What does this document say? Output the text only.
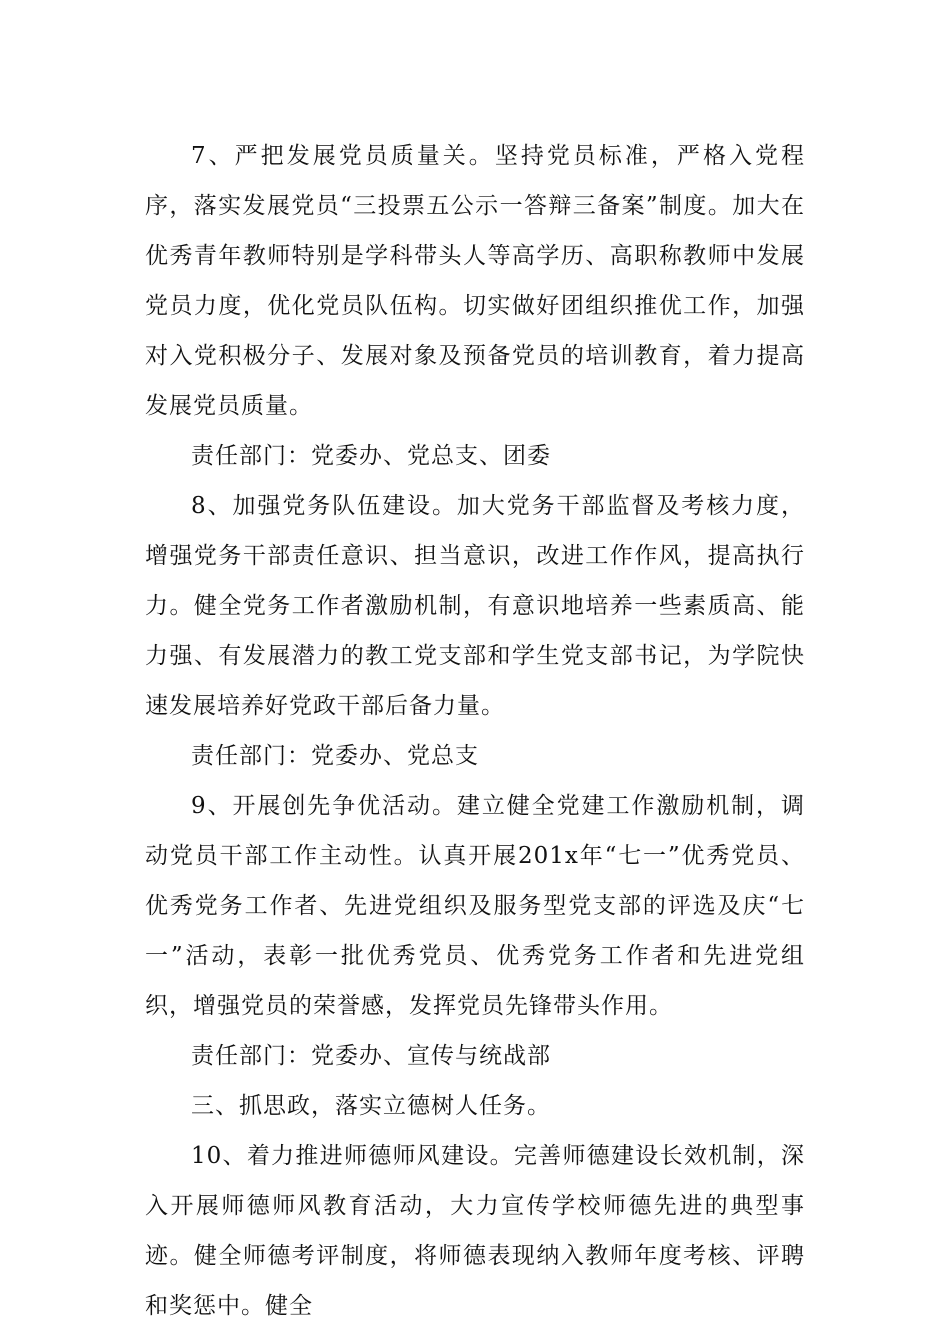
7、严把发展党员质量关。坚持党员标准，严格入党程序，落实发展党员“三投票五公示一答辩三备案”制度。加大在优秀青年教师特别是学科带头人等高学历、高职称教师中发展党员力度，优化党员队伍构。切实做好团组织推优工作，加强对入党积极分子、发展对象及预备党员的培训教育，着力提高发展党员质量。

责任部门：党委办、党总支、团委

8、加强党务队伍建设。加大党务干部监督及考核力度，增强党务干部责任意识、担当意识，改进工作作风，提高执行力。健全党务工作者激励机制，有意识地培养一些素质高、能力强、有发展潜力的教工党支部和学生党支部书记，为学院快速发展培养好党政干部后备力量。

责任部门：党委办、党总支

9、开展创先争优活动。建立健全党建工作激励机制，调动党员干部工作主动性。认真开展201x年“七一”优秀党员、优秀党务工作者、先进党组织及服务型党支部的评选及庆“七一”活动，表彰一批优秀党员、优秀党务工作者和先进党组织，增强党员的荣誉感，发挥党员先锋带头作用。

责任部门：党委办、宣传与统战部

三、抓思政，落实立德树人任务。

10、着力推进师德师风建设。完善师德建设长效机制，深入开展师德师风教育活动，大力宣传学校师德先进的典型事迹。健全师德考评制度，将师德表现纳入教师年度考核、评聘和奖惩中。健全
